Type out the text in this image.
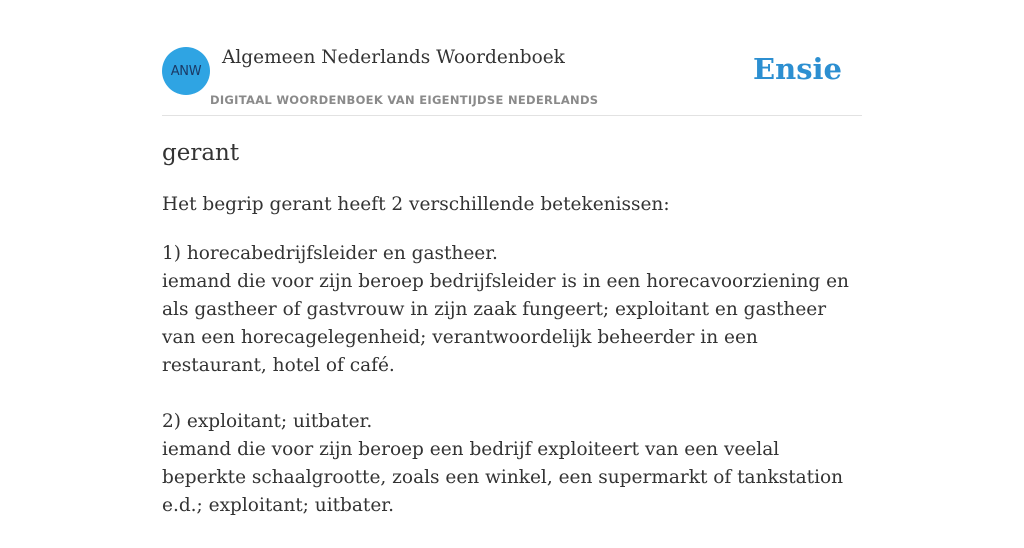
ANW
Algemeen Nederlands Woordenboek
DIGITAAL WOORDENBOEK VAN EIGENTIJDSE NEDERLANDS
Ensie
gerant

Het begrip gerant heeft 2 verschillende betekenissen:

1) horecabedrijfsleider en gastheer.
iemand die voor zijn beroep bedrijfsleider is in een horecavoorziening en als gastheer of gastvrouw in zijn zaak fungeert; exploitant en gastheer van een horecagelegenheid; verantwoordelijk beheerder in een restaurant, hotel of café.
2) exploitant; uitbater.
iemand die voor zijn beroep een bedrijf exploiteert van een veelal beperkte schaalgrootte, zoals een winkel, een supermarkt of tankstation e.d.; exploitant; uitbater.
